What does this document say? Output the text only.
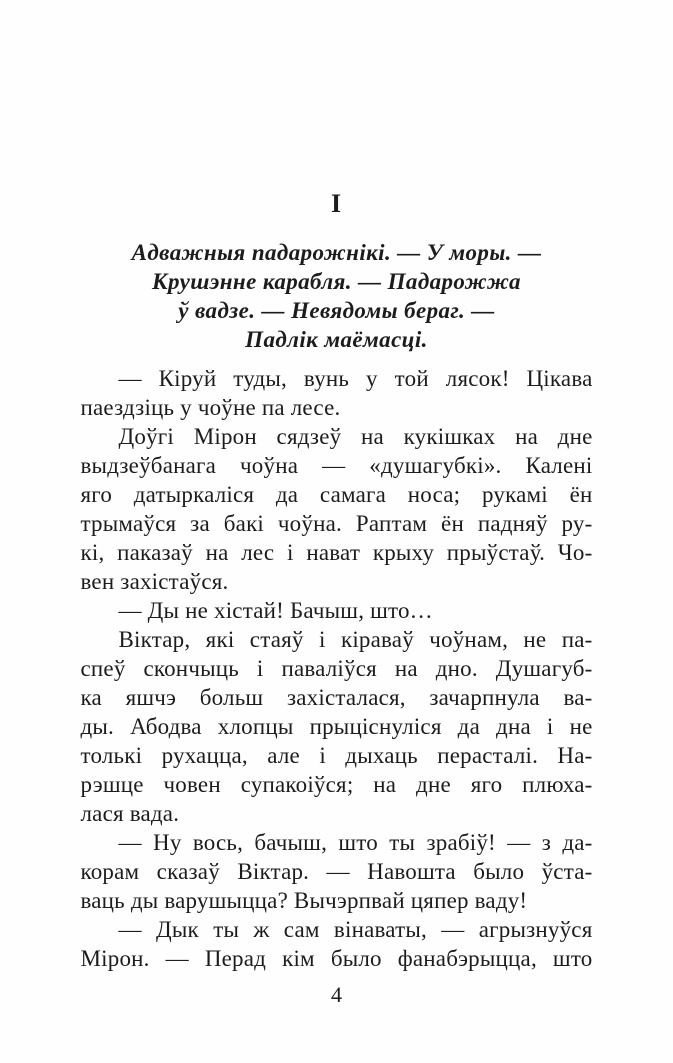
I
Адважныя падарожнікі. — У моры. —
Крушэнне карабля. — Падарожжа
ў вадзе. — Невядомы бераг. —
Падлік маёмасці.
— Кіруй туды, вунь у той лясок! Цікава
паездзіць у чоўне па лесе.
Доўгі Мірон сядзеў на кукішках на дне
выдзеўбанага чоўна — «душагубкі». Калені
яго датыркаліся да самага носа; рукамі ён
трымаўся за бакі чоўна. Раптам ён падняў ру-
кі, паказаў на лес і нават крыху прыўстаў. Чо-
вен захістаўся.
— Ды не хістай! Бачыш, што…
Віктар, які стаяў і кіраваў чоўнам, не па-
спеў скончыць і паваліўся на дно. Душагуб-
ка яшчэ больш захісталася, зачарпнула ва-
ды. Абодва хлопцы прыціснуліся да дна і не
толькі рухацца, але і дыхаць перасталі. На-
рэшце човен супакоіўся; на дне яго плюха-
лася вада.
— Ну вось, бачыш, што ты зрабіў! — з да-
корам сказаў Віктар. — Навошта было ўста-
ваць ды варушыцца? Вычэрпвай цяпер ваду!
— Дык ты ж сам вінаваты, — агрызнуўся
Мірон. — Перад кім было фанабэрыцца, што
4
